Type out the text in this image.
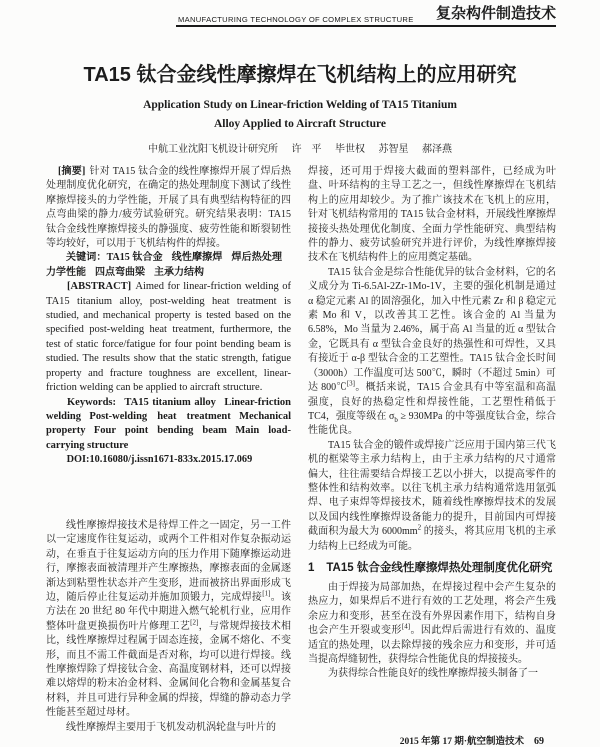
MANUFACTURING TECHNOLOGY OF COMPLEX STRUCTURE 复杂构件制造技术
TA15 钛合金线性摩擦焊在飞机结构上的应用研究
Application Study on Linear-friction Welding of TA15 Titanium
Alloy Applied to Aircraft Structure
中航工业沈阳飞机设计研究所 许　平 毕世权 苏智星 郝泽燕

[摘要] 针对 TA15 钛合金的线性摩擦焊开展了焊后热处理制度优化研究，在确定的热处理制度下测试了线性摩擦焊接头的力学性能，开展了具有典型结构特征的四点弯曲梁的静力/疲劳试验研究。研究结果表明：TA15 钛合金线性摩擦焊接头的静强度、疲劳性能和断裂韧性等均较好，可以用于飞机结构件的焊接。

关键词：TA15 钛合金 线性摩擦焊 焊后热处理力学性能 四点弯曲梁 主承力结构

[ABSTRACT] Aimed for linear-friction welding of TA15 titanium alloy, post-welding heat treatment is studied, and mechanical property is tested based on the specified post-welding heat treatment, furthermore, the test of static force/fatigue for four point bending beam is studied. The results show that the static strength, fatigue property and fracture toughness are excellent, linear-friction welding can be applied to aircraft structure.

Keywords: TA15 titanium alloy Linear-friction welding Post-welding heat treatment Mechanical property Four point bending beam Main load-carrying structure

DOI:10.16080/j.issn1671-833x.2015.17.069

线性摩擦焊接技术是待焊工件之一固定，另一工件以一定速度作往复运动，或两个工件相对作复杂振动运动，在垂直于往复运动方向的压力作用下随摩擦运动进行，摩擦表面被清理并产生摩擦热，摩擦表面的金属逐渐达到粘塑性状态并产生变形，进而被挤出界面形成飞边，随后停止往复运动并施加顶锻力，完成焊接[1]。该方法在 20 世纪 80 年代中期进入燃气轮机行业，应用作整体叶盘更换损伤叶片修理工艺[2]，与常规焊接技术相比，线性摩擦焊过程属于固态连接，金属不熔化、不变形，而且不需工件截面是否对称，均可以进行焊接。线性摩擦焊除了焊接钛合金、高温度钢材料，还可以焊接难以熔焊的粉末冶金材料、金属间化合物和金属基复合材料，并且可进行异种金属的焊接，焊缝的静动态力学性能甚至超过母材。

线性摩擦焊主要用于飞机发动机涡轮盘与叶片的

焊接，还可用于焊接大截面的塑料部件，已经成为叶盘、叶环结构的主导工艺之一，但线性摩擦焊在飞机结构上的应用却较少。为了推广该技术在飞机上的应用，针对飞机结构常用的 TA15 钛合金材料，开展线性摩擦焊接接头热处理优化制度、全面力学性能研究、典型结构件的静力、疲劳试验研究并进行评价，为线性摩擦焊接技术在飞机结构件上的应用奠定基础。

TA15 钛合金是综合性能优异的钛合金材料，它的名义成分为 Ti-6.5Al-2Zr-1Mo-1V，主要的强化机制是通过 α 稳定元素 Al 的固溶强化，加入中性元素 Zr 和 β 稳定元素 Mo 和 V，以改善其工艺性。该合金的 Al 当量为 6.58%，Mo 当量为 2.46%，属于高 Al 当量的近 α 型钛合金，它既具有 α 型钛合金良好的热强性和可焊性，又具有接近于 α-β 型钛合金的工艺塑性。TA15 钛合金长时间（3000h）工作温度可达 500℃，瞬时（不超过 5min）可达 800℃[3]。概括来说，TA15 合金具有中等室温和高温强度，良好的热稳定性和焊接性能，工艺塑性稍低于 TC4，强度等级在 $\sigma_b \ge 930MPa$ 的中等强度钛合金，综合性能优良。

TA15 钛合金的锻件或焊接广泛应用于国内第三代飞机的框梁等主承力结构上，由于主承力结构的尺寸通常偏大，往往需要结合焊接工艺以小拼大，以提高零件的整体性和结构效率。以往飞机主承力结构通常选用氩弧焊、电子束焊等焊接技术，随着线性摩擦焊技术的发展以及国内线性摩擦焊设备能力的提升，目前国内可焊接截面积为最大为 $6000mm^2$ 的接头，将其应用飞机的主承力结构上已经成为可能。

1 TA15 钛合金线性摩擦焊热处理制度优化研究

由于焊接为局部加热，在焊接过程中会产生复杂的热应力，如果焊后不进行有效的工艺处理，将会产生残余应力和变形，甚至在没有外界因素作用下，结构自身也会产生开裂或变形[4]。因此焊后需进行有效的、温度适宜的热处理，以去除焊接的残余应力和变形，并可适当提高焊缝韧性，获得综合性能优良的焊接接头。

为获得综合性能良好的线性摩擦焊接头制备了一

2015 年第 17 期·航空制造技术 69
